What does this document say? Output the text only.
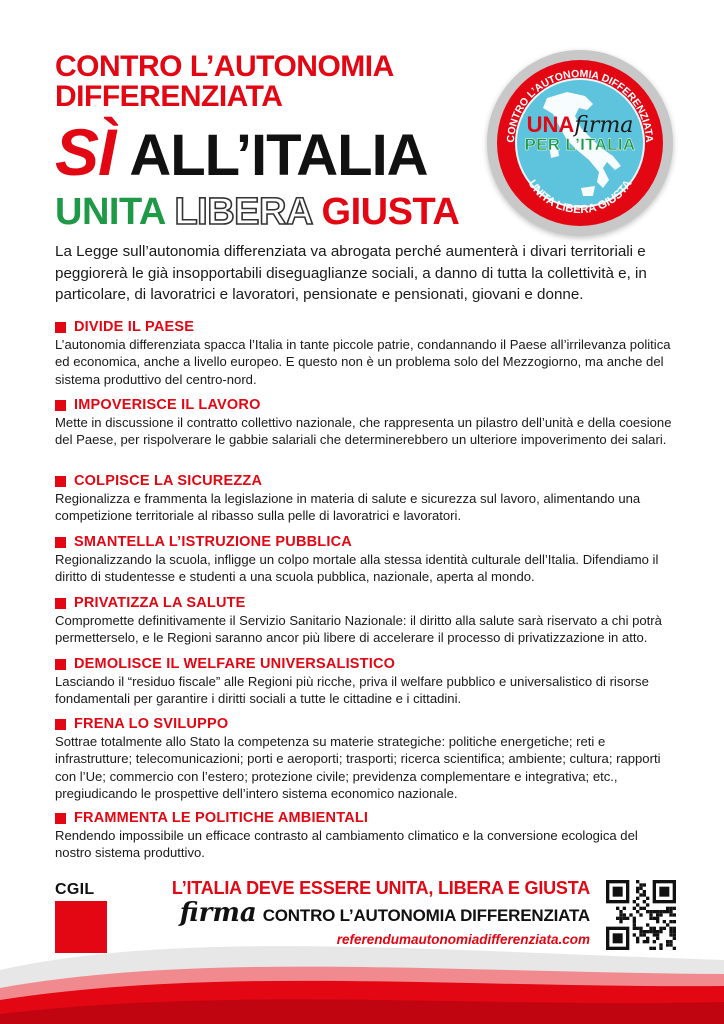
CONTRO L’AUTONOMIA
DIFFERENZIATA
SÌ ALL’ITALIA
UNITA LIBERA GIUSTA
CONTRO L’AUTONOMIA DIFFERENZIATA
UNITA LIBERA GIUSTA
UNAfirma
PER L’ITALIA
La Legge sull’autonomia differenziata va abrogata perché aumenterà i divari territoriali e peggiorerà le già insopportabili diseguaglianze sociali, a danno di tutta la collettività e, in particolare, di lavoratrici e lavoratori, pensionate e pensionati, giovani e donne.
DIVIDE IL PAESE
L’autonomia differenziata spacca l’Italia in tante piccole patrie, condannando il Paese all’irrilevanza politica ed economica, anche a livello europeo. E questo non è un problema solo del Mezzogiorno, ma anche del sistema produttivo del centro-nord.
IMPOVERISCE IL LAVORO
Mette in discussione il contratto collettivo nazionale, che rappresenta un pilastro dell’unità e della coesione del Paese, per rispolverare le gabbie salariali che determinerebbero un ulteriore impoverimento dei salari.
COLPISCE LA SICUREZZA
Regionalizza e frammenta la legislazione in materia di salute e sicurezza sul lavoro, alimentando una competizione territoriale al ribasso sulla pelle di lavoratrici e lavoratori.
SMANTELLA L’ISTRUZIONE PUBBLICA
Regionalizzando la scuola, infligge un colpo mortale alla stessa identità culturale dell’Italia. Difendiamo il diritto di studentesse e studenti a una scuola pubblica, nazionale, aperta al mondo.
PRIVATIZZA LA SALUTE
Compromette definitivamente il Servizio Sanitario Nazionale: il diritto alla salute sarà riservato a chi potrà permetterselo, e le Regioni saranno ancor più libere di accelerare il processo di privatizzazione in atto.
DEMOLISCE IL WELFARE UNIVERSALISTICO
Lasciando il “residuo fiscale” alle Regioni più ricche, priva il welfare pubblico e universalistico di risorse fondamentali per garantire i diritti sociali a tutte le cittadine e i cittadini.
FRENA LO SVILUPPO
Sottrae totalmente allo Stato la competenza su materie strategiche: politiche energetiche; reti e infrastrutture; telecomunicazioni; porti e aeroporti; trasporti; ricerca scientifica; ambiente; cultura; rapporti con l’Ue; commercio con l’estero; protezione civile; previdenza complementare e integrativa; etc., pregiudicando le prospettive dell’intero sistema economico nazionale.
FRAMMENTA LE POLITICHE AMBIENTALI
Rendendo impossibile un efficace contrasto al cambiamento climatico e la conversione ecologica del nostro sistema produttivo.
CGIL	L’ITALIA DEVE ESSERE UNITA, LIBERA E GIUSTA
firma CONTRO L’AUTONOMIA DIFFERENZIATA
referendumautonomiadifferenziata.com
